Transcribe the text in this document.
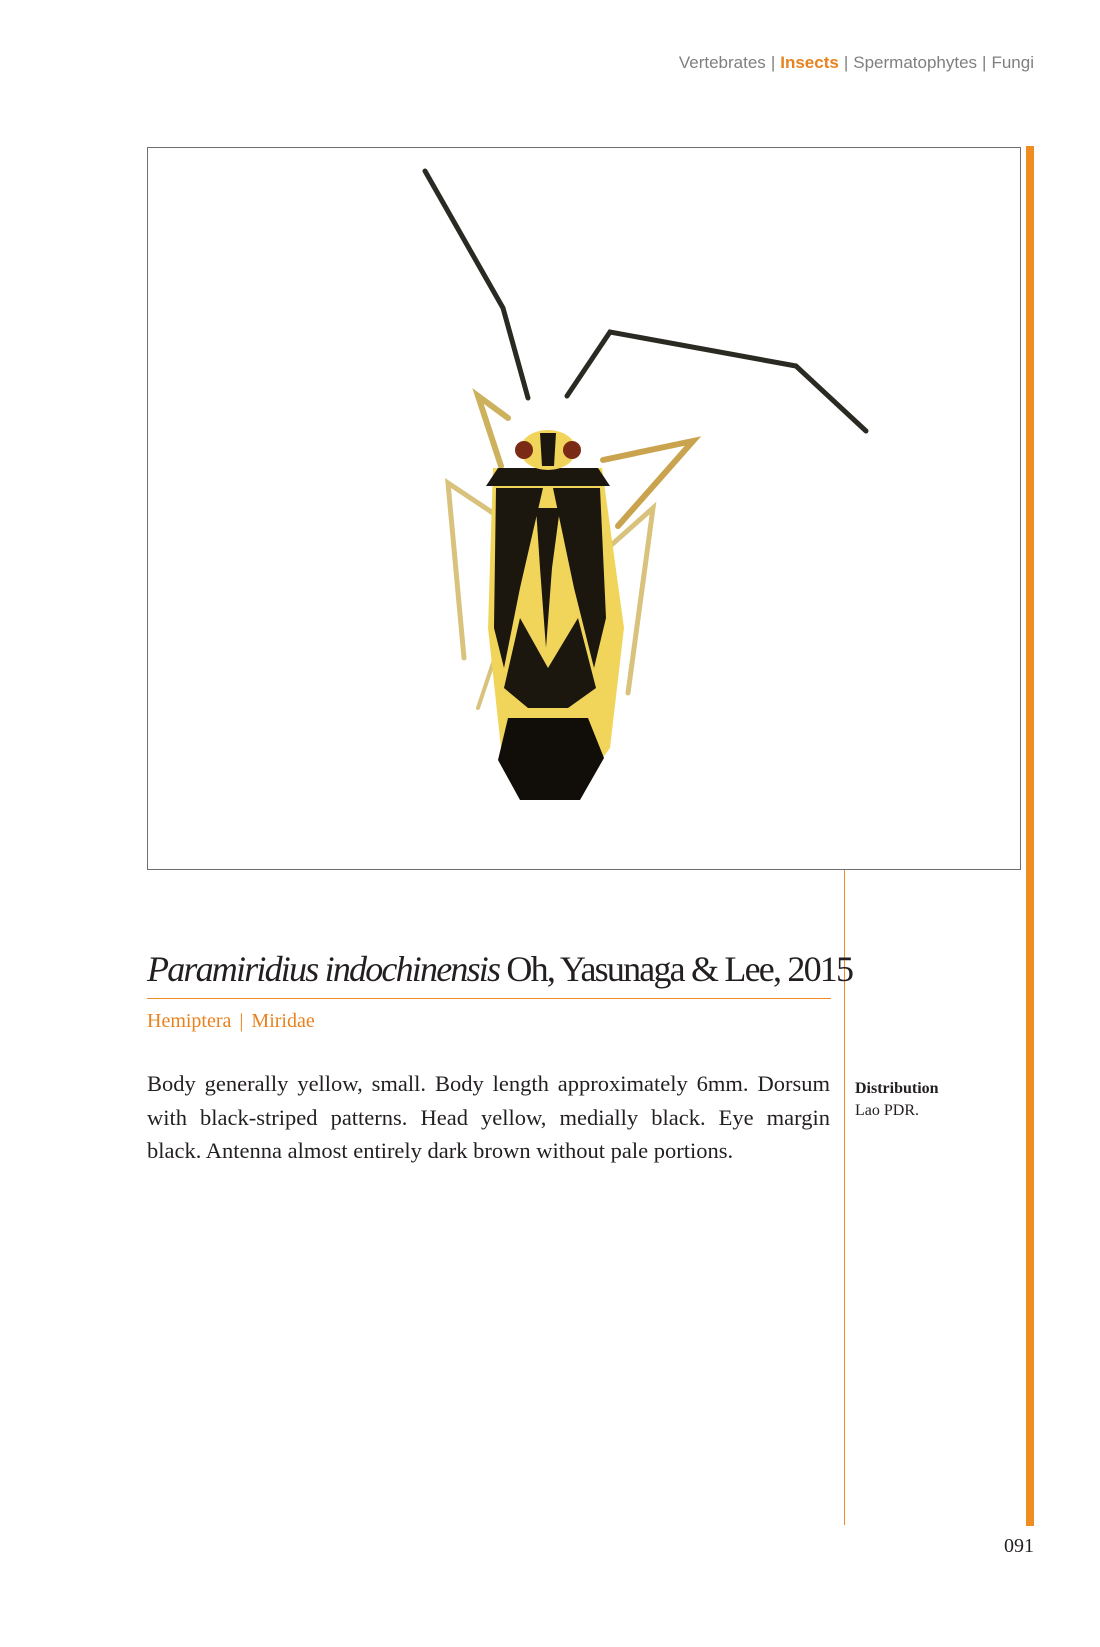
Vertebrates | Insects | Spermatophytes | Fungi
Paramiridius indochinensis Oh, Yasunaga & Lee, 2015
Hemiptera | Miridae

Body generally yellow, small. Body length approximately 6mm. Dorsum with black-striped patterns. Head yellow, medially black. Eye margin black. Antenna almost entirely dark brown without pale portions.

Distribution
Lao PDR.
091
